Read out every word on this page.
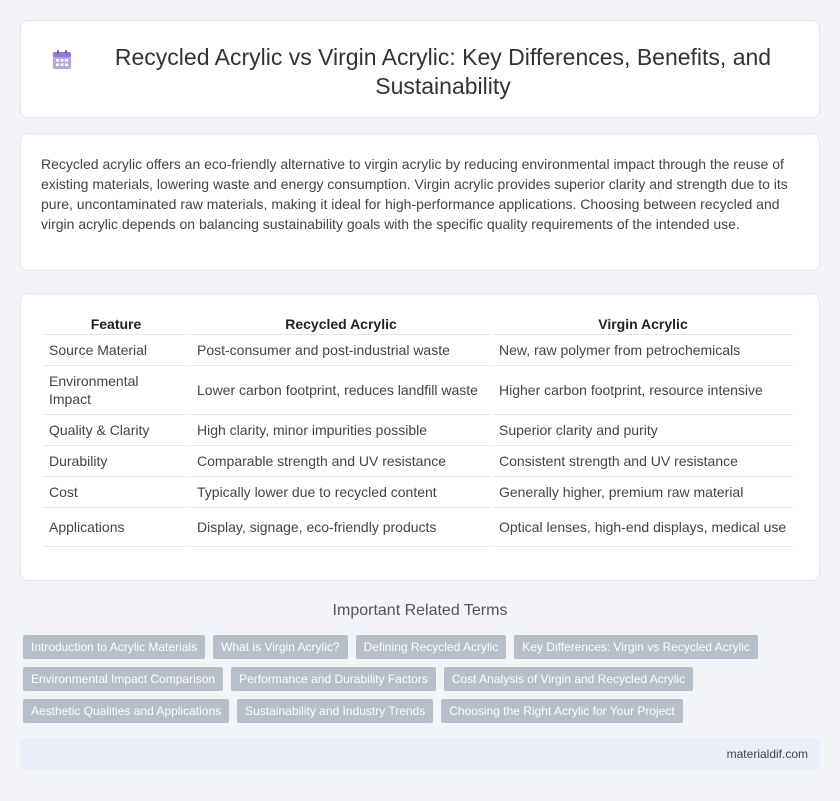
Recycled Acrylic vs Virgin Acrylic: Key Differences, Benefits, and Sustainability

Recycled acrylic offers an eco-friendly alternative to virgin acrylic by reducing environmental impact through the reuse of existing materials, lowering waste and energy consumption. Virgin acrylic provides superior clarity and strength due to its pure, uncontaminated raw materials, making it ideal for high-performance applications. Choosing between recycled and virgin acrylic depends on balancing sustainability goals with the specific quality requirements of the intended use.

Feature	Recycled Acrylic	Virgin Acrylic
Source Material	Post-consumer and post-industrial waste	New, raw polymer from petrochemicals
Environmental Impact	Lower carbon footprint, reduces landfill waste	Higher carbon footprint, resource intensive
Quality & Clarity	High clarity, minor impurities possible	Superior clarity and purity
Durability	Comparable strength and UV resistance	Consistent strength and UV resistance
Cost	Typically lower due to recycled content	Generally higher, premium raw material
Applications	Display, signage, eco-friendly products	Optical lenses, high-end displays, medical use
Important Related Terms
Introduction to Acrylic Materials	What is Virgin Acrylic?	Defining Recycled Acrylic	Key Differences: Virgin vs Recycled Acrylic
Environmental Impact Comparison	Performance and Durability Factors	Cost Analysis of Virgin and Recycled Acrylic
Aesthetic Qualities and Applications	Sustainability and Industry Trends	Choosing the Right Acrylic for Your Project
materialdif.com
